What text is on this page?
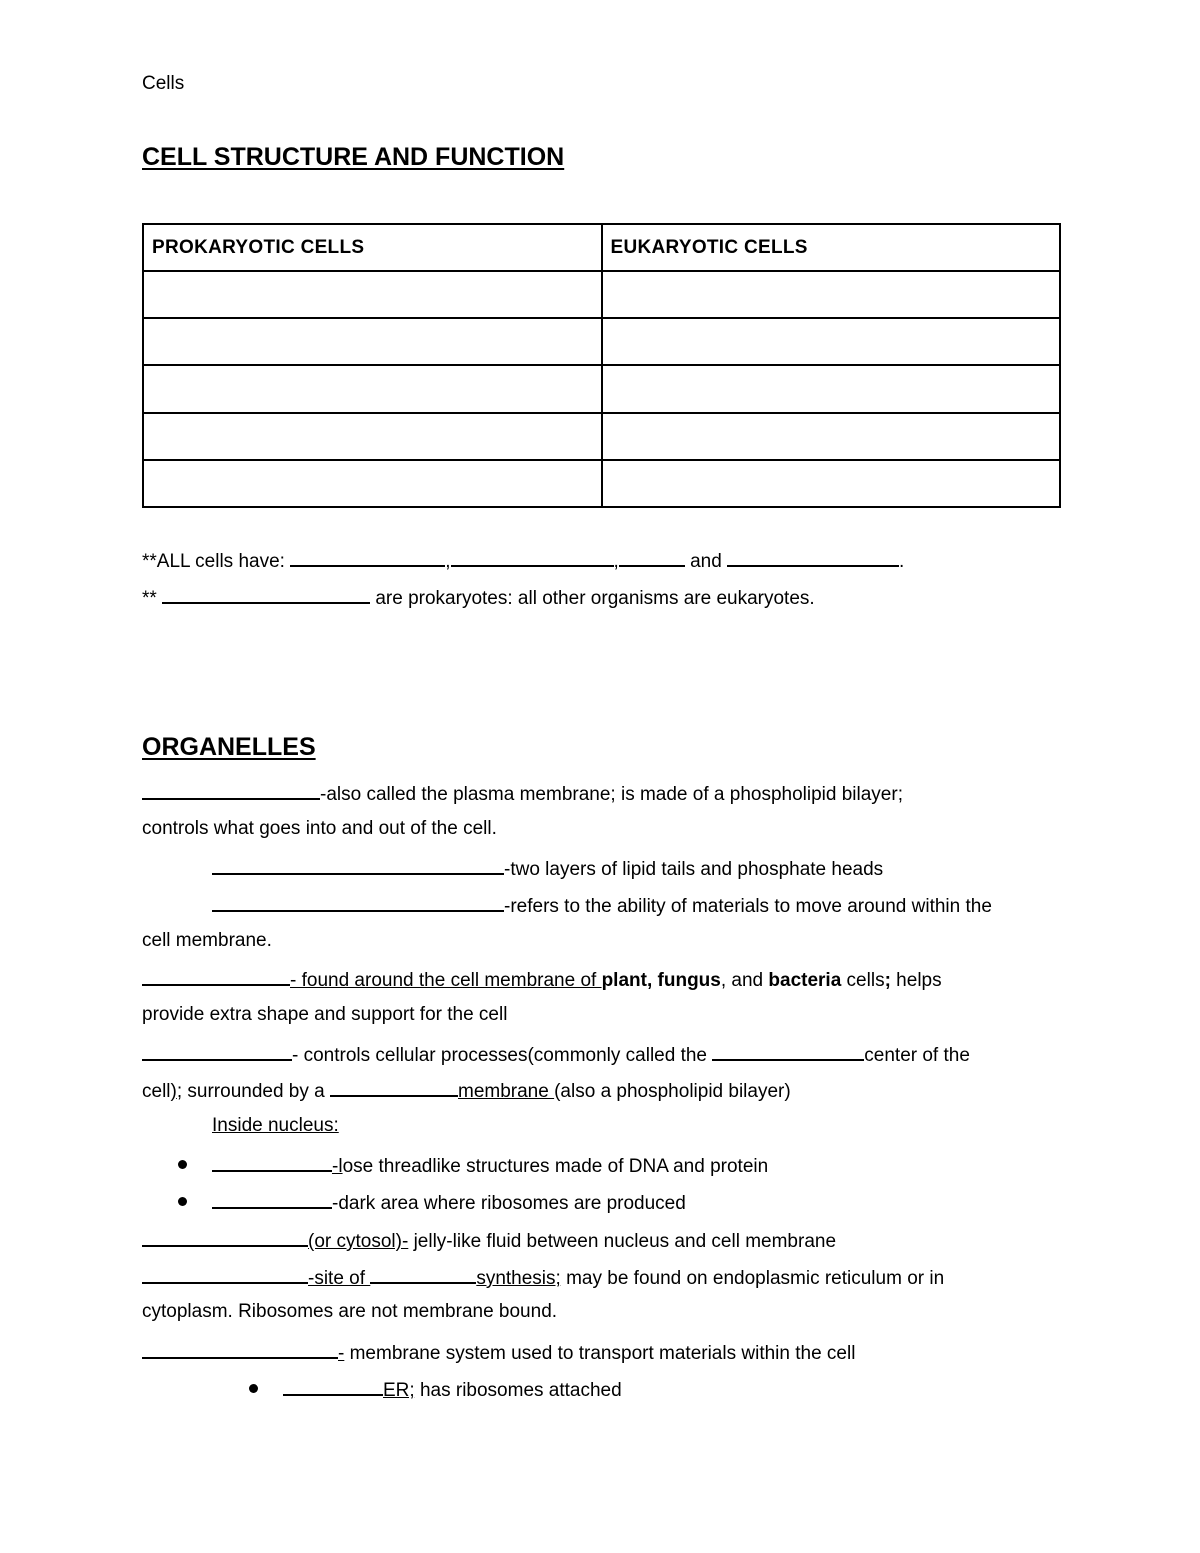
Cells
CELL STRUCTURE AND FUNCTION
PROKARYOTIC CELLS	EUKARYOTIC CELLS

**ALL cells have:	,	,	and	.
**	are prokaryotes: all other organisms are eukaryotes.
ORGANELLES
-also called the plasma membrane; is made of a phospholipid bilayer;
controls what goes into and out of the cell.
-two layers of lipid tails and phosphate heads
-refers to the ability of materials to move around within the
cell membrane.
- found around the cell membrane of plant, fungus, and bacteria cells; helps
provide extra shape and support for the cell
- controls cellular processes(commonly called the	center of the
cell); surrounded by a	membrane (also a phospholipid bilayer)
Inside nucleus:
-lose threadlike structures made of DNA and protein
-dark area where ribosomes are produced
(or cytosol)- jelly-like fluid between nucleus and cell membrane
-site of	synthesis; may be found on endoplasmic reticulum or in
cytoplasm. Ribosomes are not membrane bound.
- membrane system used to transport materials within the cell
ER; has ribosomes attached
